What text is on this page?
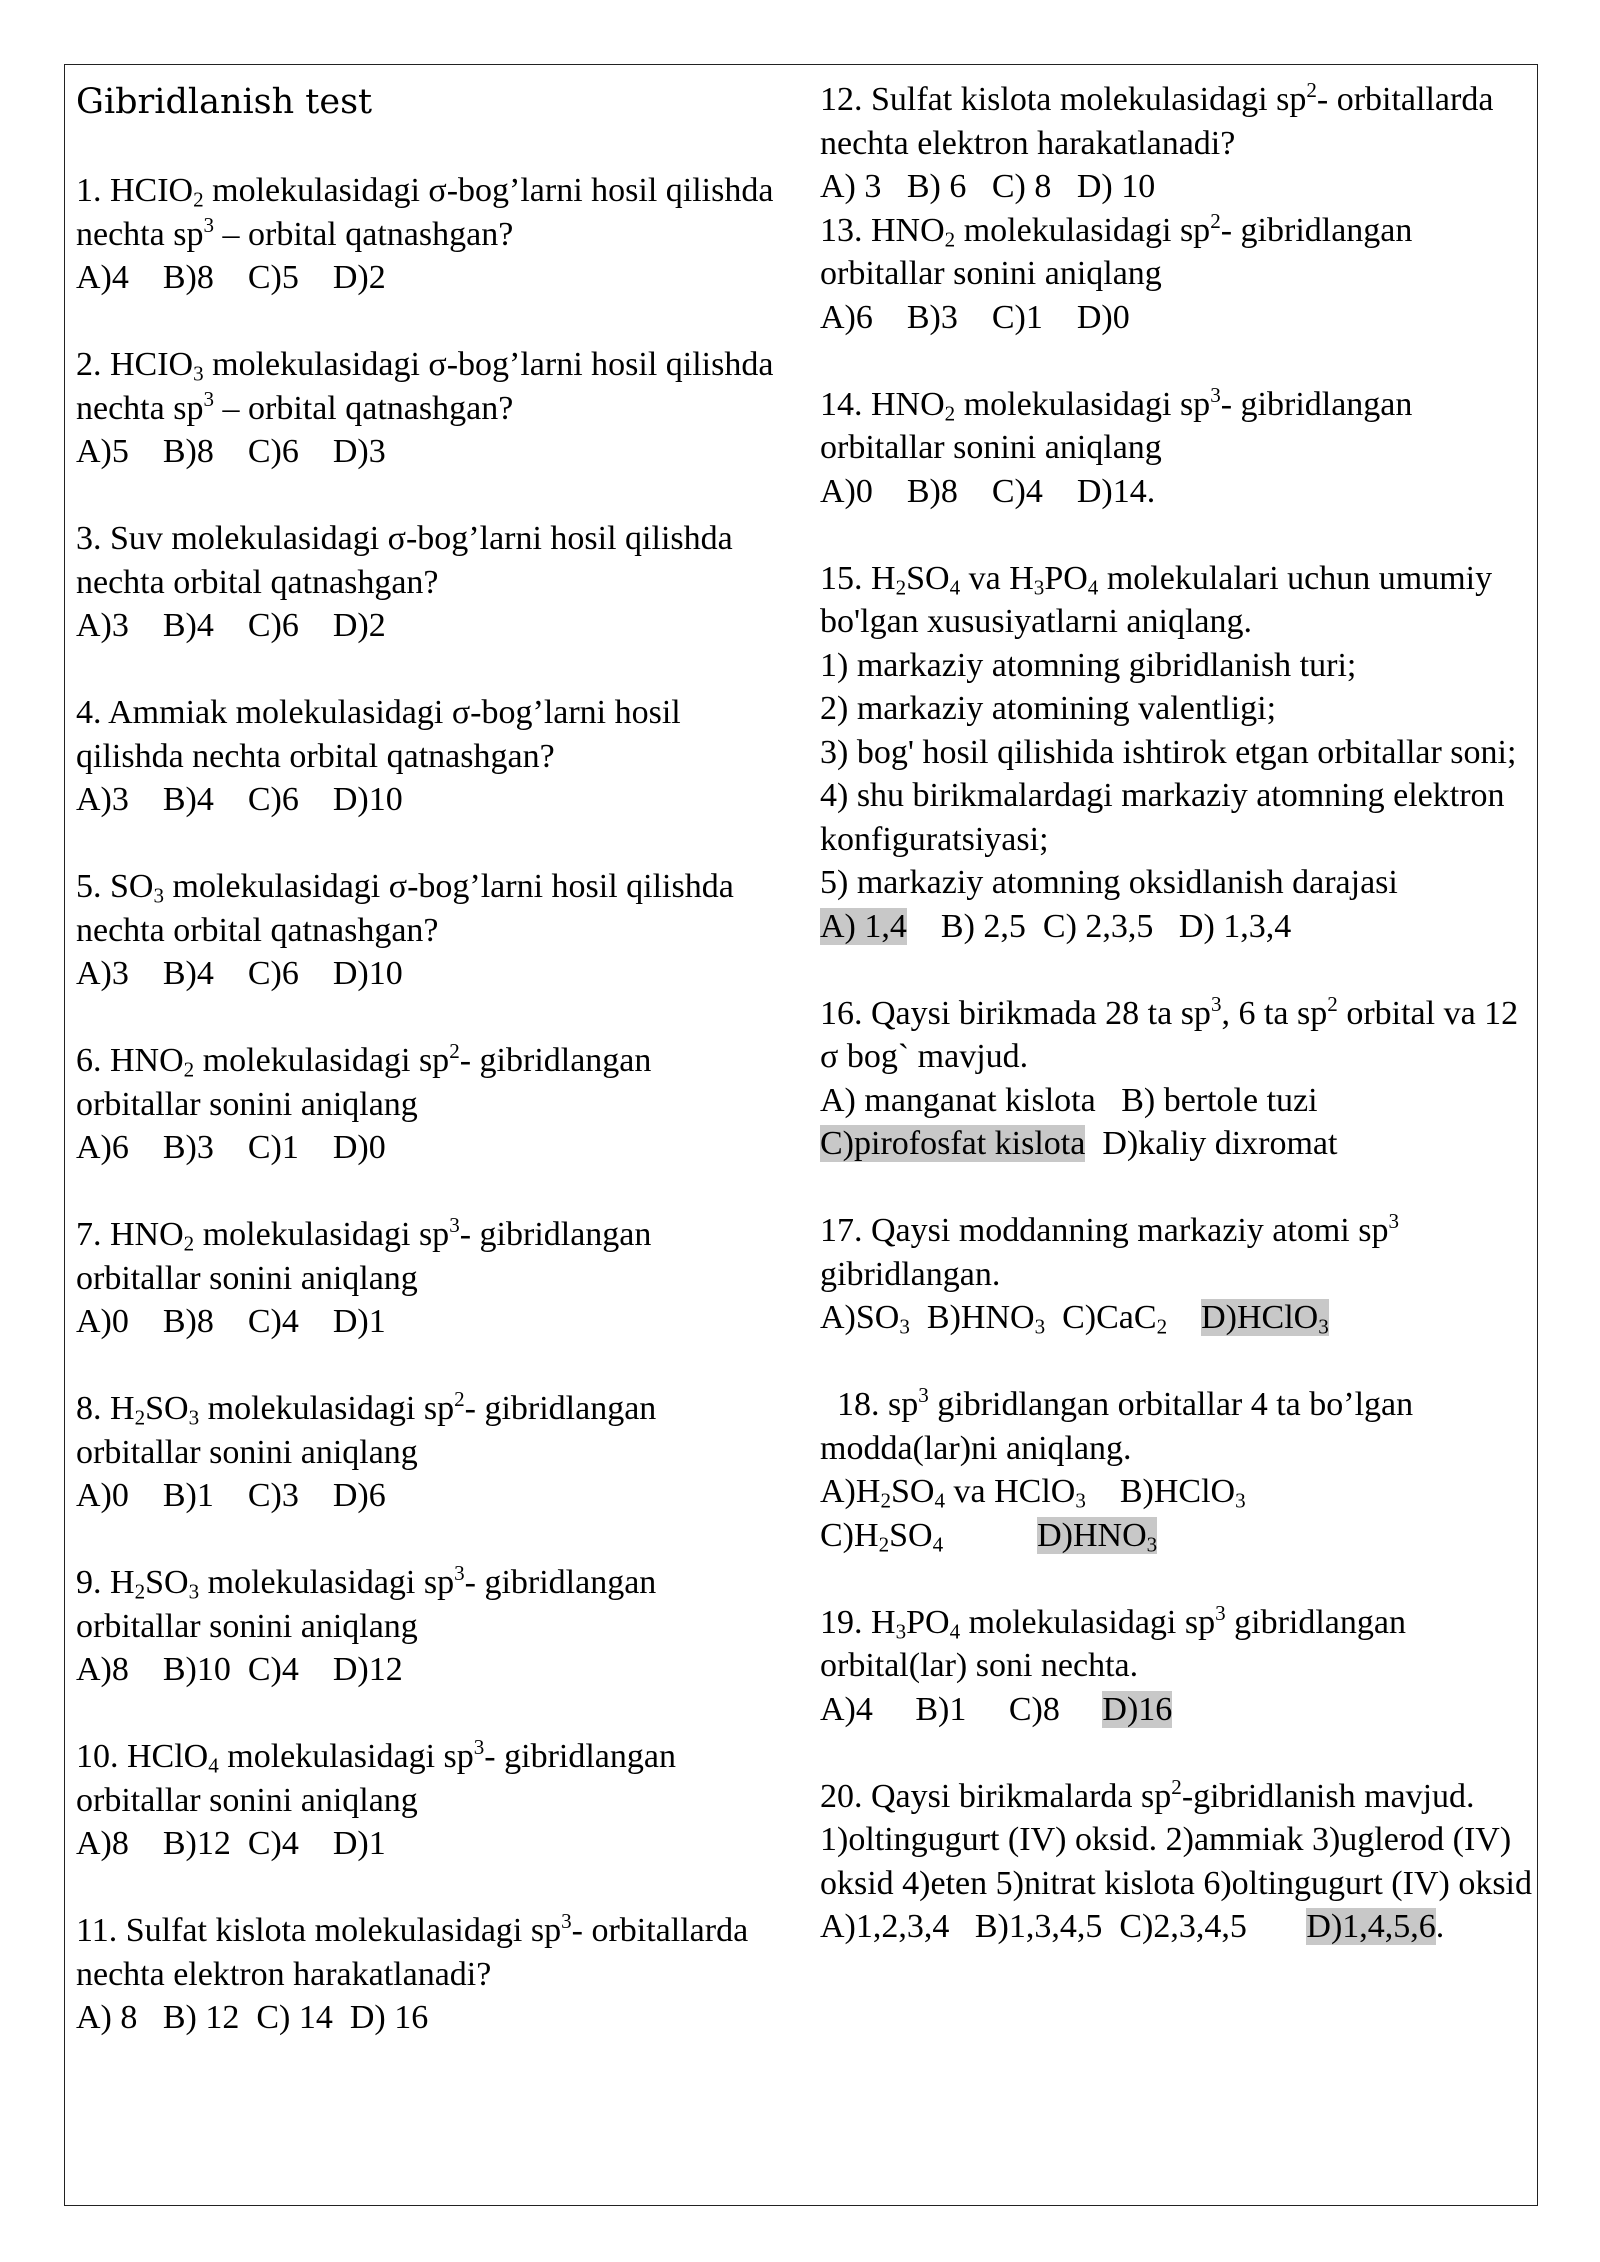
Gibridlanish test

1. $HCIO_2$ molekulasidagi σ-bog’larni hosil qilishda nechta $sp^3$ – orbital qatnashgan?

A)4    B)8    C)5    D)2

2. $HCIO_3$ molekulasidagi σ-bog’larni hosil qilishda nechta $sp^3$ – orbital qatnashgan?

A)5    B)8    C)6    D)3

3. Suv molekulasidagi σ-bog’larni hosil qilishda nechta orbital qatnashgan?

A)3    B)4    C)6    D)2

4. Ammiak molekulasidagi σ-bog’larni hosil qilishda nechta orbital qatnashgan?

A)3    B)4    C)6    D)10

5. $SO_3$ molekulasidagi σ-bog’larni hosil qilishda nechta orbital qatnashgan?

A)3    B)4    C)6    D)10

6. $HNO_2$ molekulasidagi $sp^2-$ gibridlangan orbitallar sonini aniqlang

A)6    B)3    C)1    D)0

7. $HNO_2$ molekulasidagi $sp^3-$ gibridlangan orbitallar sonini aniqlang

A)0    B)8    C)4    D)1

8. $H_2SO_3$ molekulasidagi $sp^2-$ gibridlangan orbitallar sonini aniqlang

A)0    B)1    C)3    D)6

9. $H_2SO_3$ molekulasidagi $sp^3-$ gibridlangan orbitallar sonini aniqlang

A)8    B)10  C)4    D)12

10. HClO$_4$ molekulasidagi $sp^3-$ gibridlangan orbitallar sonini aniqlang

A)8    B)12  C)4    D)1

11. Sulfat kislota molekulasidagi $sp^3-$ orbitallarda nechta elektron harakatlanadi?

A) 8   B) 12  C) 14  D) 16

12. Sulfat kislota molekulasidagi $sp^2-$ orbitallarda nechta elektron harakatlanadi?

A) 3   B) 6   C) 8   D) 10

13. $HNO_2$ molekulasidagi $sp^2-$ gibridlangan orbitallar sonini aniqlang

A)6    B)3    C)1    D)0

14. $HNO_2$ molekulasidagi $sp^3-$ gibridlangan orbitallar sonini aniqlang

A)0    B)8    C)4    D)14.

15. $H_2SO_4$ va $H_3PO_4$ molekulalari uchun umumiy bo'lgan xususiyatlarni aniqlang.

1) markaziy atomning gibridlanish turi;

2) markaziy atomining valentligi;

3) bog' hosil qilishida ishtirok etgan orbitallar soni;

4) shu birikmalardagi markaziy atomning elektron konfiguratsiyasi;

5) markaziy atomning oksidlanish darajasi

A) 1,4    B) 2,5  C) 2,3,5   D) 1,3,4

16. Qaysi birikmada 28 ta $sp^3$, 6 ta $sp^2$ orbital va 12 σ bog` mavjud.

A) manganat kislota   B) bertole tuzi

C)pirofosfat kislota  D)kaliy dixromat

17. Qaysi moddanning markaziy atomi $sp^3$ gibridlangan.

$A)SO_3$  $B)HNO_3$  C)CaC$_2$ D)HClO$_3$

18. $sp^3$ gibridlangan orbitallar 4 ta bo’lgan modda(lar)ni aniqlang.

$A)H_2SO_4$ va HClO$_3$    B)HClO$_3$

$C)H_2SO_4$	$D)HNO_3$

19. $H_3PO_4$ molekulasidagi $sp^3$ gibridlangan orbital(lar) soni nechta.

A)4     B)1     C)8     D)16

20. Qaysi birikmalarda $sp^2$-gibridlanish mavjud.

1)oltingugurt (IV) oksid. 2)ammiak 3)uglerod (IV) oksid 4)eten 5)nitrat kislota 6)oltingugurt (IV) oksid

A)1,2,3,4   B)1,3,4,5  C)2,3,4,5       D)1,4,5,6.
